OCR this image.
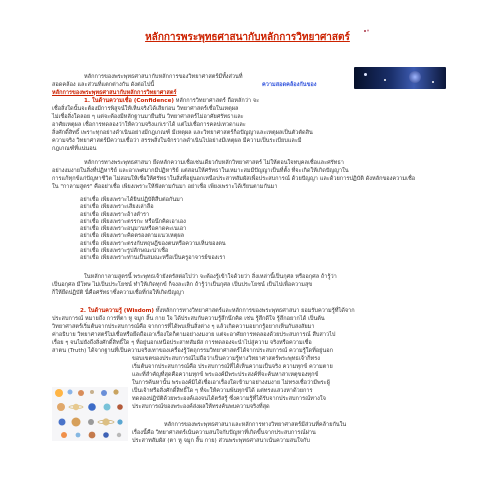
หลักการพระพุทธศาสนากับหลักการวิทยาศาสตร์
หลักการของพระพุทธศาสนากับหลักการของวิทยาศาสตร์มีทั้งส่วนที่
สอดคล้อง และส่วนที่แตกต่างกัน ดังต่อไปนี้	ความสอดคล้องกันของ
หลักการของพระพุทธศาสนากับหลักการวิทยาศาสตร์
1. ในด้านความเชื่อ (Confidence) หลักการวิทยาศาสตร์ ถือหลักว่า จะ
เชื่อสิ่งใดนั้นจะต้องมีการพิสูจน์ให้เห็นจริงได้เสียก่อน วิทยาศาสตร์เชื่อในเหตุผล
ไม่เชื่อสิ่งใดลอย ๆ แต่จะต้องมีหลักฐานมายืนยัน วิทยาศาสตร์ไม่อาศัยศรัทธาและ
อาศัยเหตุผล เชื่อการทดลองว่าให้ความจริงแก่เราได้ แต่ไม่เชื่อการคลปเทวดาและ
สิ่งศักดิ์สิทธิ์ เพราะทุกอย่างดำเนินอย่างมีกฎเกณฑ์ มีเหตุผล และวิทยาศาสตร์ก็อปัญญาและเหตุผลเป็นตัวตัดสิน
ความจริง วิทยาศาสตร์มีความเชื่อว่า สรรพสิ่งในจักรวาลดำเนินไปอย่างมีเหตุผล มีความเป็นระเบียบและมี
กฎเกณฑ์ที่แน่นอน
หลักการทางพระพุทธศาสนา ยึดหลักความเชื่อเช่นเดียวกับหลักวิทยาศาสตร์ ไม่ให้ตอนใจทบุคลเชื่อและศรัทธา
อย่างงมงายในสิ่งที่ปฏิหาริย์ และอาเพศมากมีปฏิหาริย์ แต่สอนให้ศรัทธาในเหมาะสมมีปัญญาเป็นที่ตั้ง ที่จะเกิดให้เกิดปัญญาใน
การแก้ทุกข์แก่ปัญหาชีวิต ไม่สอนให้เชื่อให้ศรัทธาในสิ่งที่อยู่นอกเหนือประสาทสัมผัสเพื่อประสบการณ์ ด้วยปัญญา และด้วยการปฏิบัติ ดังหลักของความเชื่อ
ใน "กาลามสูตร" คืออย่าเชื่อ เพียงเพราะให้ฟังตามกันมา อย่าเชื่อ เพียงเพราะได้เรียนตามกันมา
อย่าเชื่อ เพียงเพราะได้ยินปฏิบัติสืบต่อกันมา
อย่าเชื่อ เพียงเพราะเสียงเล่าลือ
อย่าเชื่อ เพียงเพราะอ้างตำรา
อย่าเชื่อ เพียงเพราะตรรกะ หรือนึกคิดเอาเอง
อย่าเชื่อ เพียงเพราะอนุมานหรือคาดคะเนเอา
อย่าเชื่อ เพียงเพราะคิดตรองตามแนวเหตุผล
อย่าเชื่อ เพียงเพราะตรงกับทฤษฎีของตนหรือความเห็นของตน
อย่าเชื่อ เพียงเพราะรูปลักษณะน่าเชื่อ
อย่าเชื่อ เพียงเพราะท่านเป็นสมณะหรือเป็นครูอาจารย์ของเรา
ในหลักกาลามสูตรนี้ พระพุทธเจ้ายังตรัสต่อไปว่า จะต้องรู้เข้าใจด้วยว่า สิ่งเหล่านี้เป็นกุศล หรืออกุศล ถ้ารู้ว่า
เป็นอกุศล มีโทษ ไม่เป็นประโยชน์ ทำให้เกิดทุกข์ ก็จงละเลิก ถ้ารู้ว่าเป็นกุศล เป็นประโยชน์ เป็นไปเพื่อความสุข
ก็ให้ยึดปฏิบัติ นี่คือศรัทธาซึ่งความเชื่อที่ก่อให้เกิดปัญญา
2. ในด้านความรู้ (Wisdom) ทั้งหลักการทางวิทยาศาสตร์และหลักการของพระพุทธศาสนา ยอมรับความรู้ที่ได้จาก
ประสบการณ์ หมายถึง การที่ตา หู จมูก ลิ้น กาย ใจ ได้ประสบกับความรู้สึกนึกคิด เช่น รู้สึกดีใจ รู้สึกอยากได้ เป็นต้น
วิทยาศาสตร์เริ่มต้นจากประสบการณ์คือ จากการที่ได้พบเห็นสิ่งต่าง ๆ แล้วเกิดความอยากรู้อยากเห็นกับสงสัยมา
ค่าอธิบาย วิทยาศาสตร์ไม่เชื่อหรือยึดถือเอาเรื่องใดก็ตามอย่างงมงาย แต่จะอาศัยการทดลองด้วยประสบการณ์ สืบสาวไป
เรื่อย ๆ จนไม่ยังถึงสิ่งศักดิ์สิทธิ์ใด ๆ ที่อยู่นอกเหนือประสาทสัมผัส การทดลองจะนำไปสู่ความ จริงหรือความเชื่อ
สาตน (Truth) ได้จากฐานที่เป็นความจริงเทาของเครื่องรู้วัตถุกรรมวิทยาศาสตร์ได้จากประสบการณ์ ความรู้ใดที่อยู่นอก
ขอบเขตของประสบการณ์ไม่ถือว่าเป็นความรู้ทางวิทยาศาสตร์พระพุทธเจ้าก็ทรง
เริ่มต้นจากประสบการณ์คือ ประสบการณ์ที่ได้เห็นความเป็นจริง ความทุกข์ ความตาย
และที่สำคัญที่สุดคือความทุกข์ พระองค์มีพระประสงค์ที่จะค้นหาสาเหตุของทุกข์
ในการค้นหานั้น พระองค์มิได้เชื่อเอาเรื่องใดเข้ามาอย่างงมงาย ไม่ทรงเชื่อว่ามีพระผู้
เป็นเจ้าหรือสิ่งศักดิ์สิทธิ์ใด ๆ ที่จะให้ความพ้นทุกข์ได้ แต่ทรงแสวงหาด้วยการ
ทดลองปฏิบัติด้วยพระองค์เองจนได้ตรัสรู้ ซึ่งความรู้ที่ได้รับจากประสบการณ์ทางใจ
ประสบการณ์ของพระองค์ส่งผลให้ทรงค้นพบความจริงที่สุด
หลักการของพระพุทธศาสนาและหลักการทางวิทยาศาสตร์มีส่วนที่คล้ายกันใน
เรื่องนี้คือ วิทยาศาสตร์เน้นความสนใจกับปัญหาที่เกิดขึ้นจากประสบการณ์ผ่าน
ประสาทสัมผัส (ตา หู จมูก ลิ้น กาย) ส่วนพระพุทธศาสนาเน้นความสนใจกับ
